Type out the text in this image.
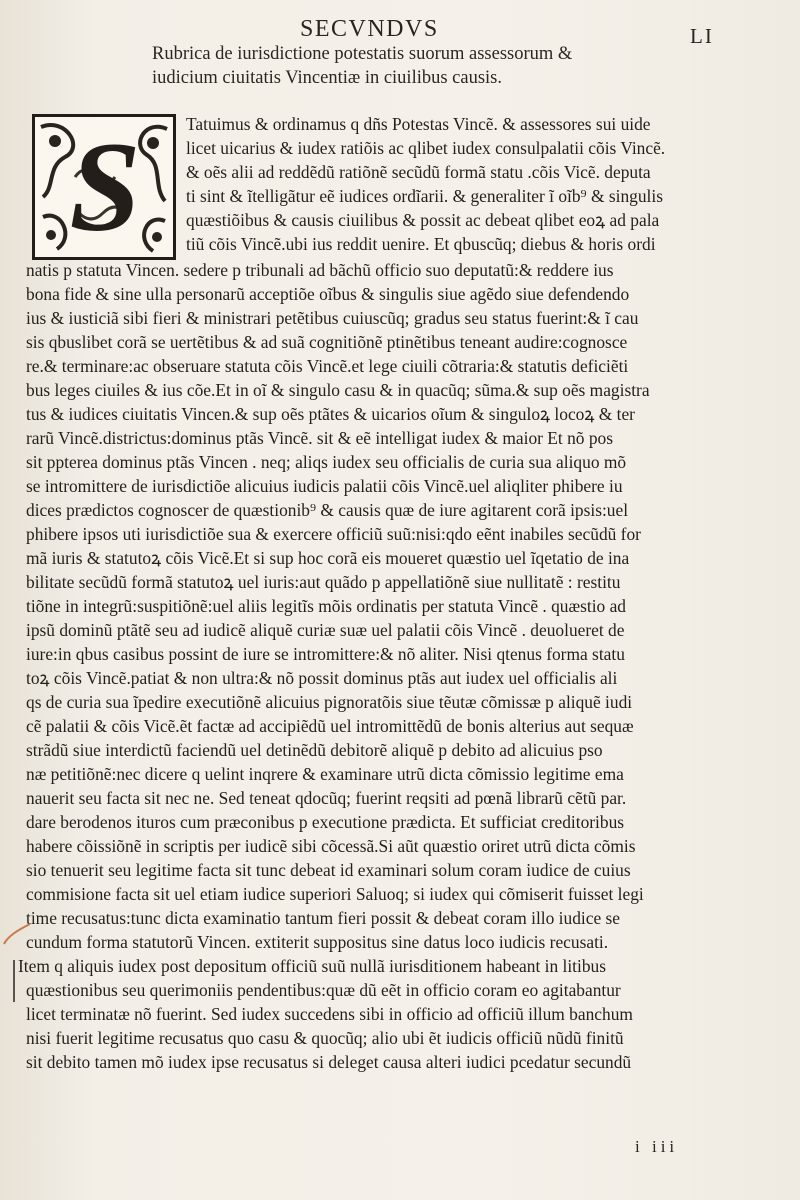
SECVNDVS	LI
Rubrica de iurisdictione potestatis suorum assessorum &
iudicium ciuitatis Vincentiæ in ciuilibus causis.
S	Tatuimus & ordinamus q dñs Potestas Vincẽ. & assessores sui uide
licet uicarius & iudex ratiõis ac qlibet iudex consulpalatii cõis Vincẽ.
& oẽs alii ad reddẽdũ ratiõnẽ secũdũ formã statu .cõis Vicẽ. deputa
ti sint & ĩtelligãtur eẽ iudices ordĩarii. & generaliter ĩ oĩb⁹ & singulis
quæstiõibus & causis ciuilibus & possit ac debeat qlibet eoꝝ ad pala
tiũ cõis Vincẽ.ubi ius reddit uenire. Et qbuscũq; diebus & horis ordi
natis p statuta Vincen. sedere p tribunali ad bãchũ officio suo deputatũ:& reddere ius
bona fide & sine ulla personarũ acceptiõe oĩbus & singulis siue agẽdo siue defendendo
ius & iusticiã sibi fieri & ministrari petẽtibus cuiuscũq; gradus seu status fuerint:& ĩ cau
sis qbuslibet corã se uertẽtibus & ad suã cognitiõnẽ ptinẽtibus teneant audire:cognosce
re.& terminare:ac obseruare statuta cõis Vincẽ.et lege ciuili cõtraria:& statutis deficiẽti
bus leges ciuiles & ius cõe.Et in oĩ & singulo casu & in quacũq; sũma.& sup oẽs magistra
tus & iudices ciuitatis Vincen.& sup oẽs ptãtes & uicarios oĩum & singuloꝝ locoꝝ & ter
rarũ Vincẽ.districtus:dominus ptãs Vincẽ. sit & eẽ intelligat iudex & maior Et nõ pos
sit ppterea dominus ptãs Vincen . neq; aliqs iudex seu officialis de curia sua aliquo mõ
se intromittere de iurisdictiõe alicuius iudicis palatii cõis Vincẽ.uel aliqliter phibere iu
dices prædictos cognoscer de quæstionib⁹ & causis quæ de iure agitarent corã ipsis:uel
phibere ipsos uti iurisdictiõe sua & exercere officiũ suũ:nisi:qdo eẽnt inabiles secũdũ for
mã iuris & statutoꝝ cõis Vicẽ.Et si sup hoc corã eis moueret quæstio uel ĩqetatio de ina
bilitate secũdũ formã statutoꝝ uel iuris:aut quãdo p appellatiõnẽ siue nullitatẽ : restitu
tiõne in integrũ:suspitiõnẽ:uel aliis legitĩs mõis ordinatis per statuta Vincẽ . quæstio ad
ipsũ dominũ ptãtẽ seu ad iudicẽ aliquẽ curiæ suæ uel palatii cõis Vincẽ . deuolueret de
iure:in qbus casibus possint de iure se intromittere:& nõ aliter. Nisi qtenus forma statu
toꝝ cõis Vincẽ.patiat & non ultra:& nõ possit dominus ptãs aut iudex uel officialis ali
qs de curia sua ĩpedire executiõnẽ alicuius pignoratõis siue tẽutæ cõmissæ p aliquẽ iudi
cẽ palatii & cõis Vicẽ.ẽt factæ ad accipiẽdũ uel intromittẽdũ de bonis alterius aut sequæ
strãdũ siue interdictũ faciendũ uel detinẽdũ debitorẽ aliquẽ p debito ad alicuius pso
næ petitiõnẽ:nec dicere q uelint inqrere & examinare utrũ dicta cõmissio legitime ema
nauerit seu facta sit nec ne. Sed teneat qdocũq; fuerint reqsiti ad pœnã librarũ cẽtũ par.
dare berodenos ituros cum præconibus p executione prædicta. Et sufficiat creditoribus
habere cõissiõnẽ in scriptis per iudicẽ sibi cõcessã.Si aũt quæstio oriret utrũ dicta cõmis
sio tenuerit seu legitime facta sit tunc debeat id examinari solum coram iudice de cuius
commisione facta sit uel etiam iudice superiori Saluoq; si iudex qui cõmiserit fuisset legi
time recusatus:tunc dicta examinatio tantum fieri possit & debeat coram illo iudice se
cundum forma statutorũ Vincen. extiterit suppositus sine datus loco iudicis recusati.
Item q aliquis iudex post depositum officiũ suũ nullã iurisditionem habeant in litibus
quæstionibus seu querimoniis pendentibus:quæ dũ eẽt in officio coram eo agitabantur
licet terminatæ nõ fuerint. Sed iudex succedens sibi in officio ad officiũ illum banchum
nisi fuerit legitime recusatus quo casu & quocũq; alio ubi ẽt iudicis officiũ nũdũ finitũ
sit debito tamen mõ iudex ipse recusatus si deleget causa alteri iudici pcedatur secundũ
i iii
